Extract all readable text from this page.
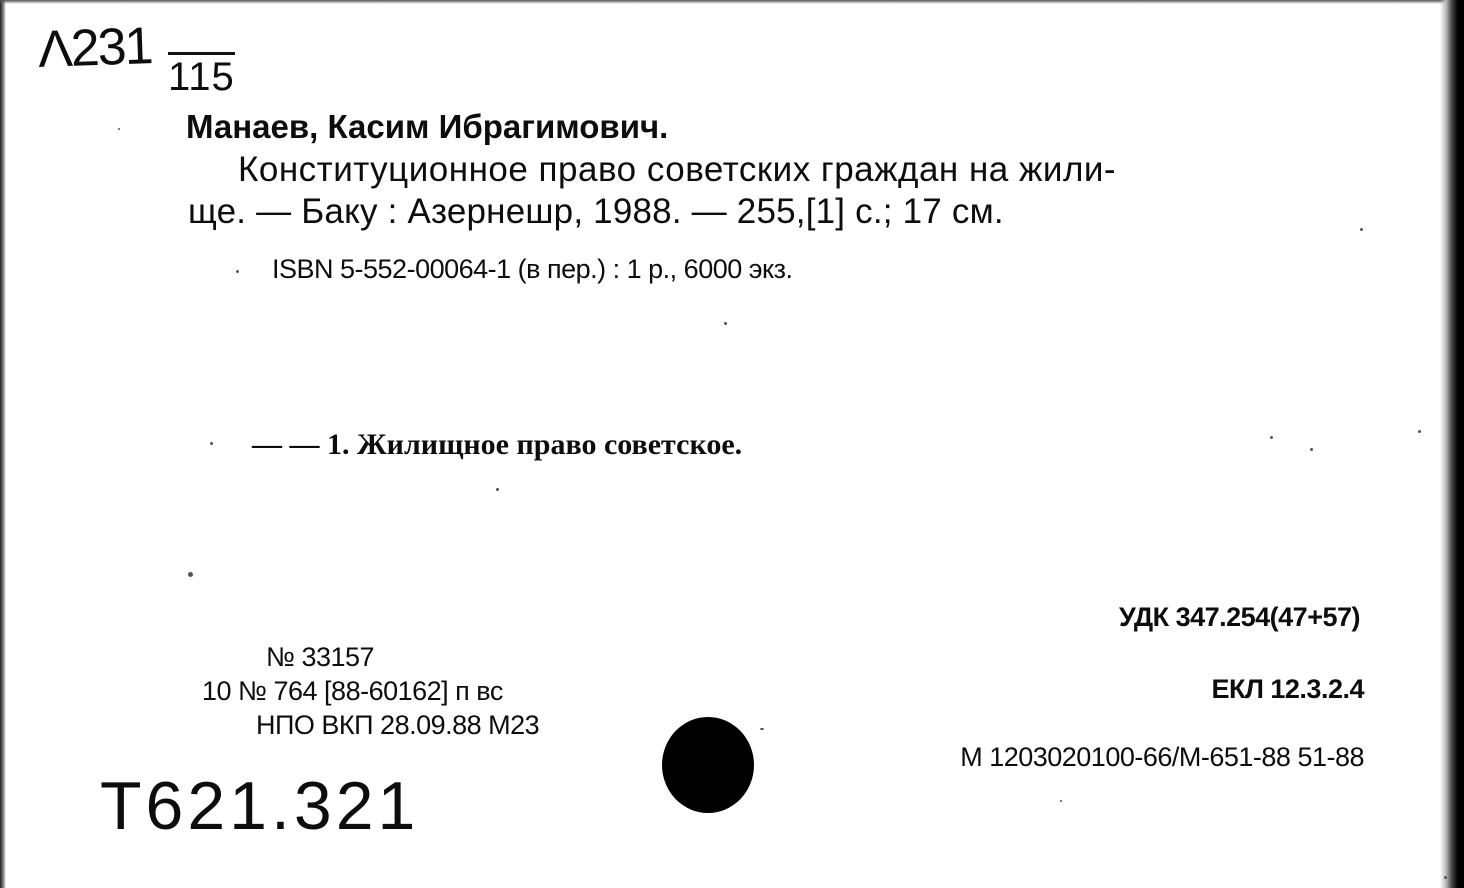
Λ231 115
Манаев, Касим Ибрагимович.
Конституционное право советских граждан на жили-
ще. — Баку : Азернешр, 1988. — 255,[1] с.; 17 см.
ISBN 5-552-00064-1 (в пер.) : 1 р., 6000 экз.
— — 1. Жилищное право советское.
№ 33157
10 № 764 [88-60162] п вс
НПО ВКП 28.09.88 М23
УДК 347.254(47+57)
ЕКЛ 12.3.2.4
М 1203020100-66/М-651-88 51-88
Т621.321
